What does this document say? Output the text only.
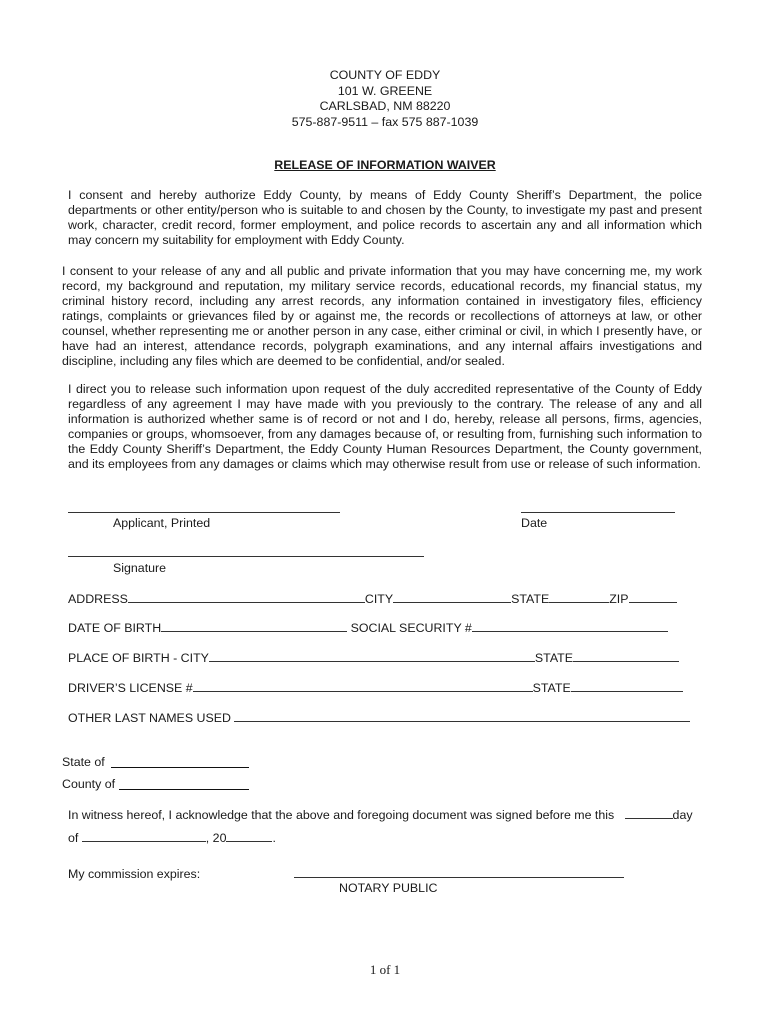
COUNTY OF EDDY
101 W. GREENE
CARLSBAD, NM 88220
575-887-9511 – fax 575 887-1039
RELEASE OF INFORMATION WAIVER

I consent and hereby authorize Eddy County, by means of Eddy County Sheriff’s Department, the police departments or other entity/person who is suitable to and chosen by the County, to investigate my past and present work, character, credit record, former employment, and police records to ascertain any and all information which may concern my suitability for employment with Eddy County.

I consent to your release of any and all public and private information that you may have concerning me, my work record, my background and reputation, my military service records, educational records, my financial status, my criminal history record, including any arrest records, any information contained in investigatory files, efficiency ratings, complaints or grievances filed by or against me, the records or recollections of attorneys at law, or other counsel, whether representing me or another person in any case, either criminal or civil, in which I presently have, or have had an interest, attendance records, polygraph examinations, and any internal affairs investigations and discipline, including any files which are deemed to be confidential, and/or sealed.

I direct you to release such information upon request of the duly accredited representative of the County of Eddy regardless of any agreement I may have made with you previously to the contrary. The release of any and all information is authorized whether same is of record or not and I do, hereby, release all persons, firms, agencies, companies or groups, whomsoever, from any damages because of, or resulting from, furnishing such information to the Eddy County Sheriff’s Department, the Eddy County Human Resources Department, the County government, and its employees from any damages or claims which may otherwise result from use or release of such information.

Applicant, Printed	Date
Signature
ADDRESS	CITY	STATE	ZIP
DATE OF BIRTH	SOCIAL SECURITY #
PLACE OF BIRTH - CITY	STATE
DRIVER’S LICENSE #	STATE
OTHER LAST NAMES USED
State of
County of
In witness hereof, I acknowledge that the above and foregoing document was signed before me this	day
of	, 20	.
My commission expires:
NOTARY PUBLIC
1 of 1
